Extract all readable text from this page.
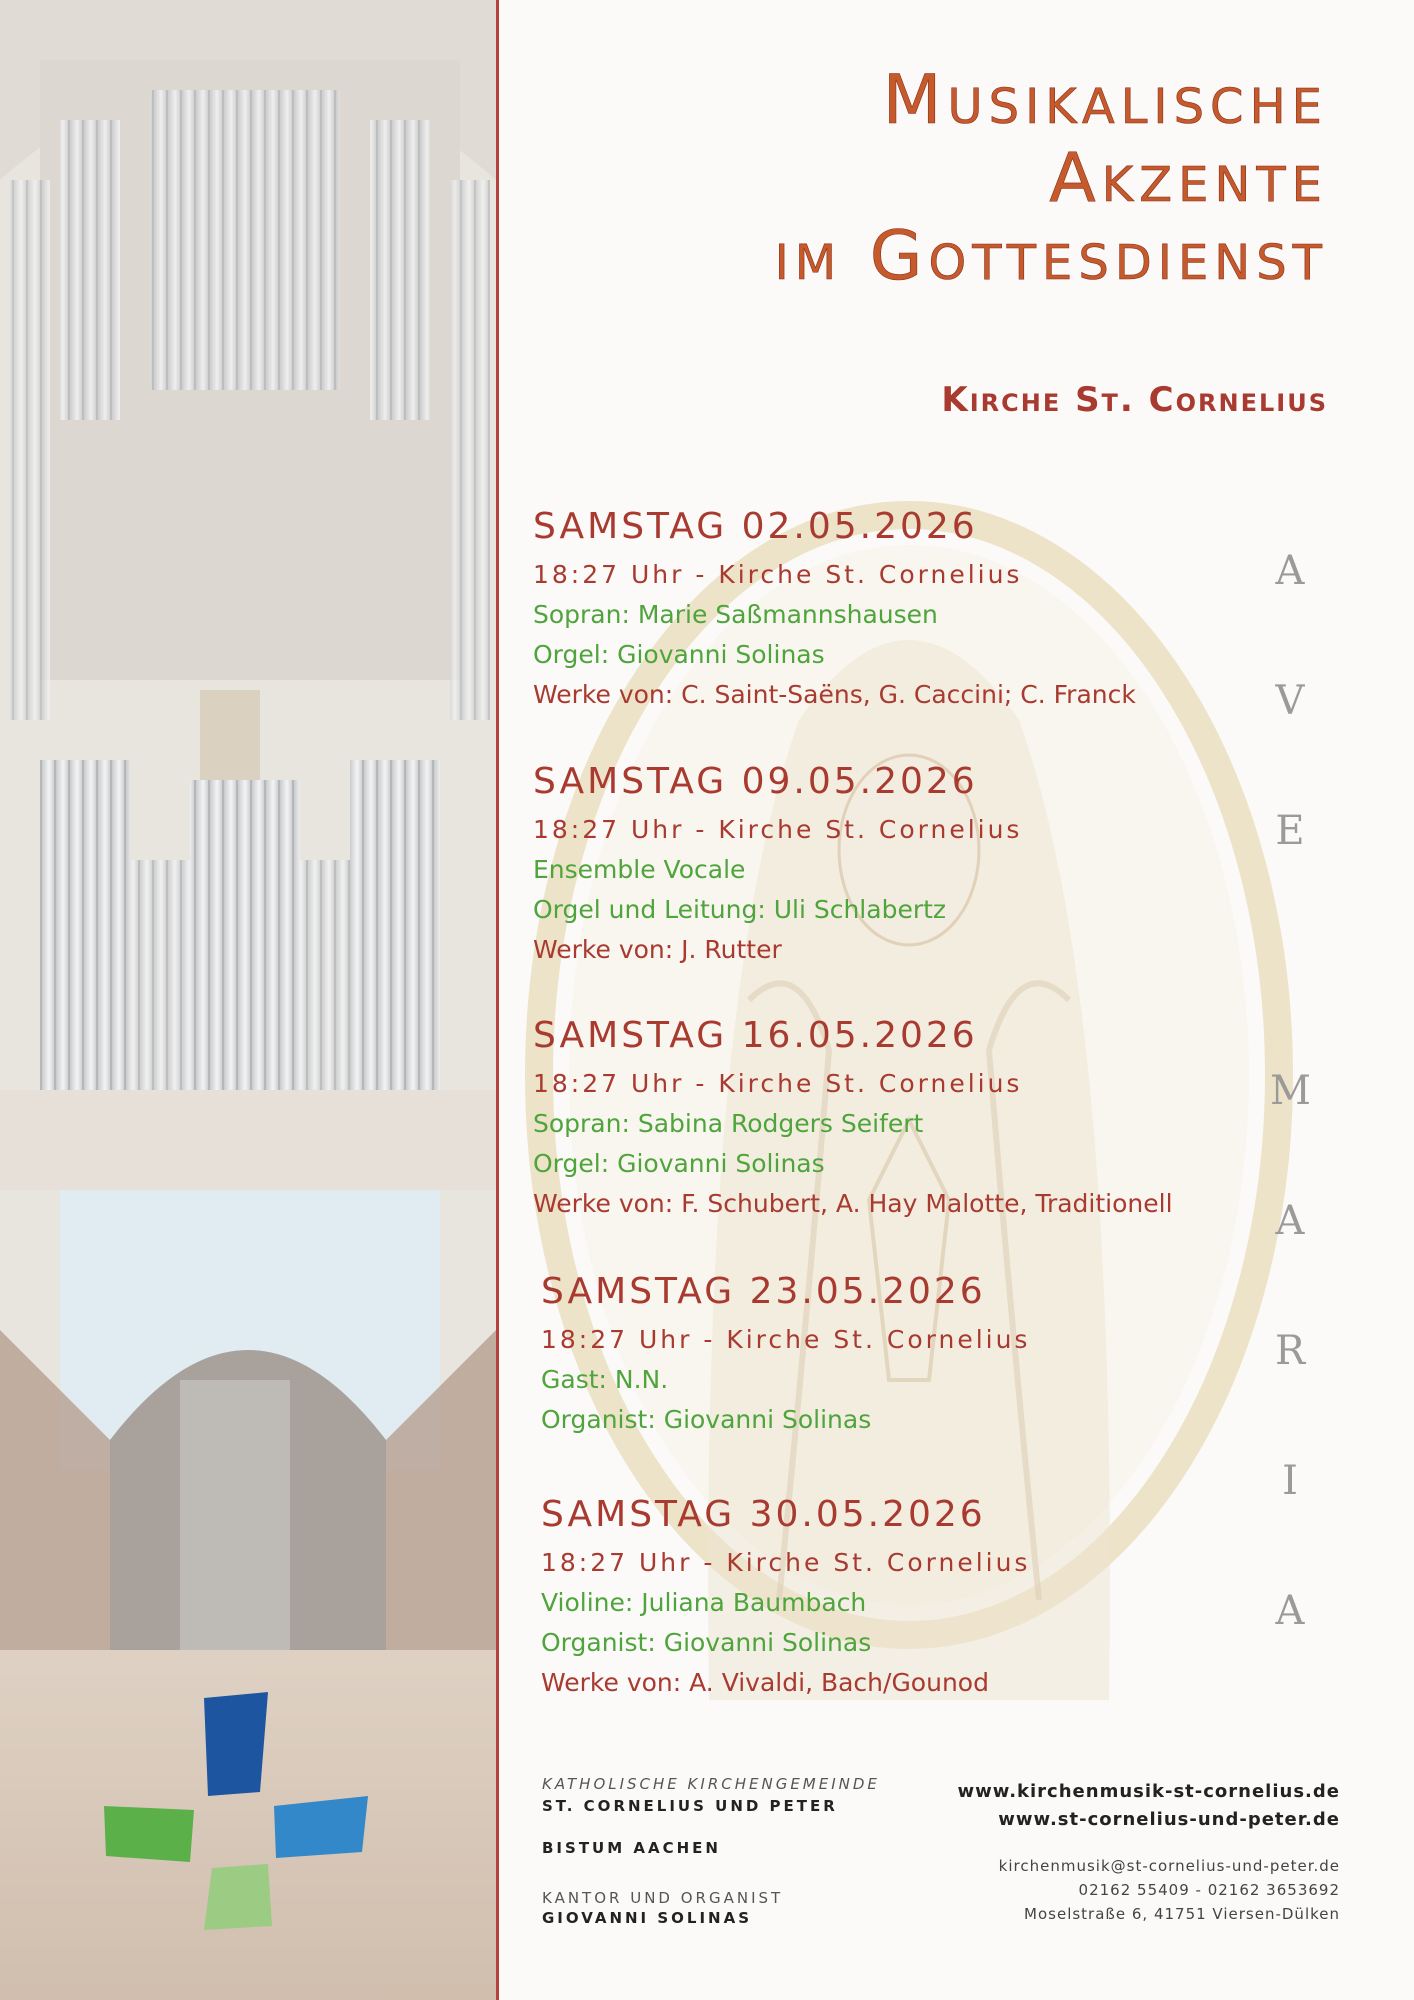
Musikalische
Akzente
im Gottesdienst
Kirche St. Cornelius
SAMSTAG 02.05.2026
18:27 Uhr - Kirche St. Cornelius
Sopran: Marie Saßmannshausen
Orgel: Giovanni Solinas
Werke von: C. Saint-Saëns, G. Caccini; C. Franck
SAMSTAG 09.05.2026
18:27 Uhr - Kirche St. Cornelius
Ensemble Vocale
Orgel und Leitung: Uli Schlabertz
Werke von: J. Rutter
SAMSTAG 16.05.2026
18:27 Uhr - Kirche St. Cornelius
Sopran: Sabina Rodgers Seifert
Orgel: Giovanni Solinas
Werke von: F. Schubert, A. Hay Malotte, Traditionell
SAMSTAG 23.05.2026
18:27 Uhr - Kirche St. Cornelius
Gast: N.N.
Organist: Giovanni Solinas
SAMSTAG 30.05.2026
18:27 Uhr - Kirche St. Cornelius
Violine: Juliana Baumbach
Organist: Giovanni Solinas
Werke von: A. Vivaldi, Bach/Gounod
A
V
E
M
A
R
I
A
KATHOLISCHE KIRCHENGEMEINDE
ST. CORNELIUS UND PETER
BISTUM AACHEN
KANTOR UND ORGANIST
GIOVANNI SOLINAS
www.kirchenmusik-st-cornelius.de
www.st-cornelius-und-peter.de
kirchenmusik@st-cornelius-und-peter.de
02162 55409 - 02162 3653692
Moselstraße 6, 41751 Viersen-Dülken
